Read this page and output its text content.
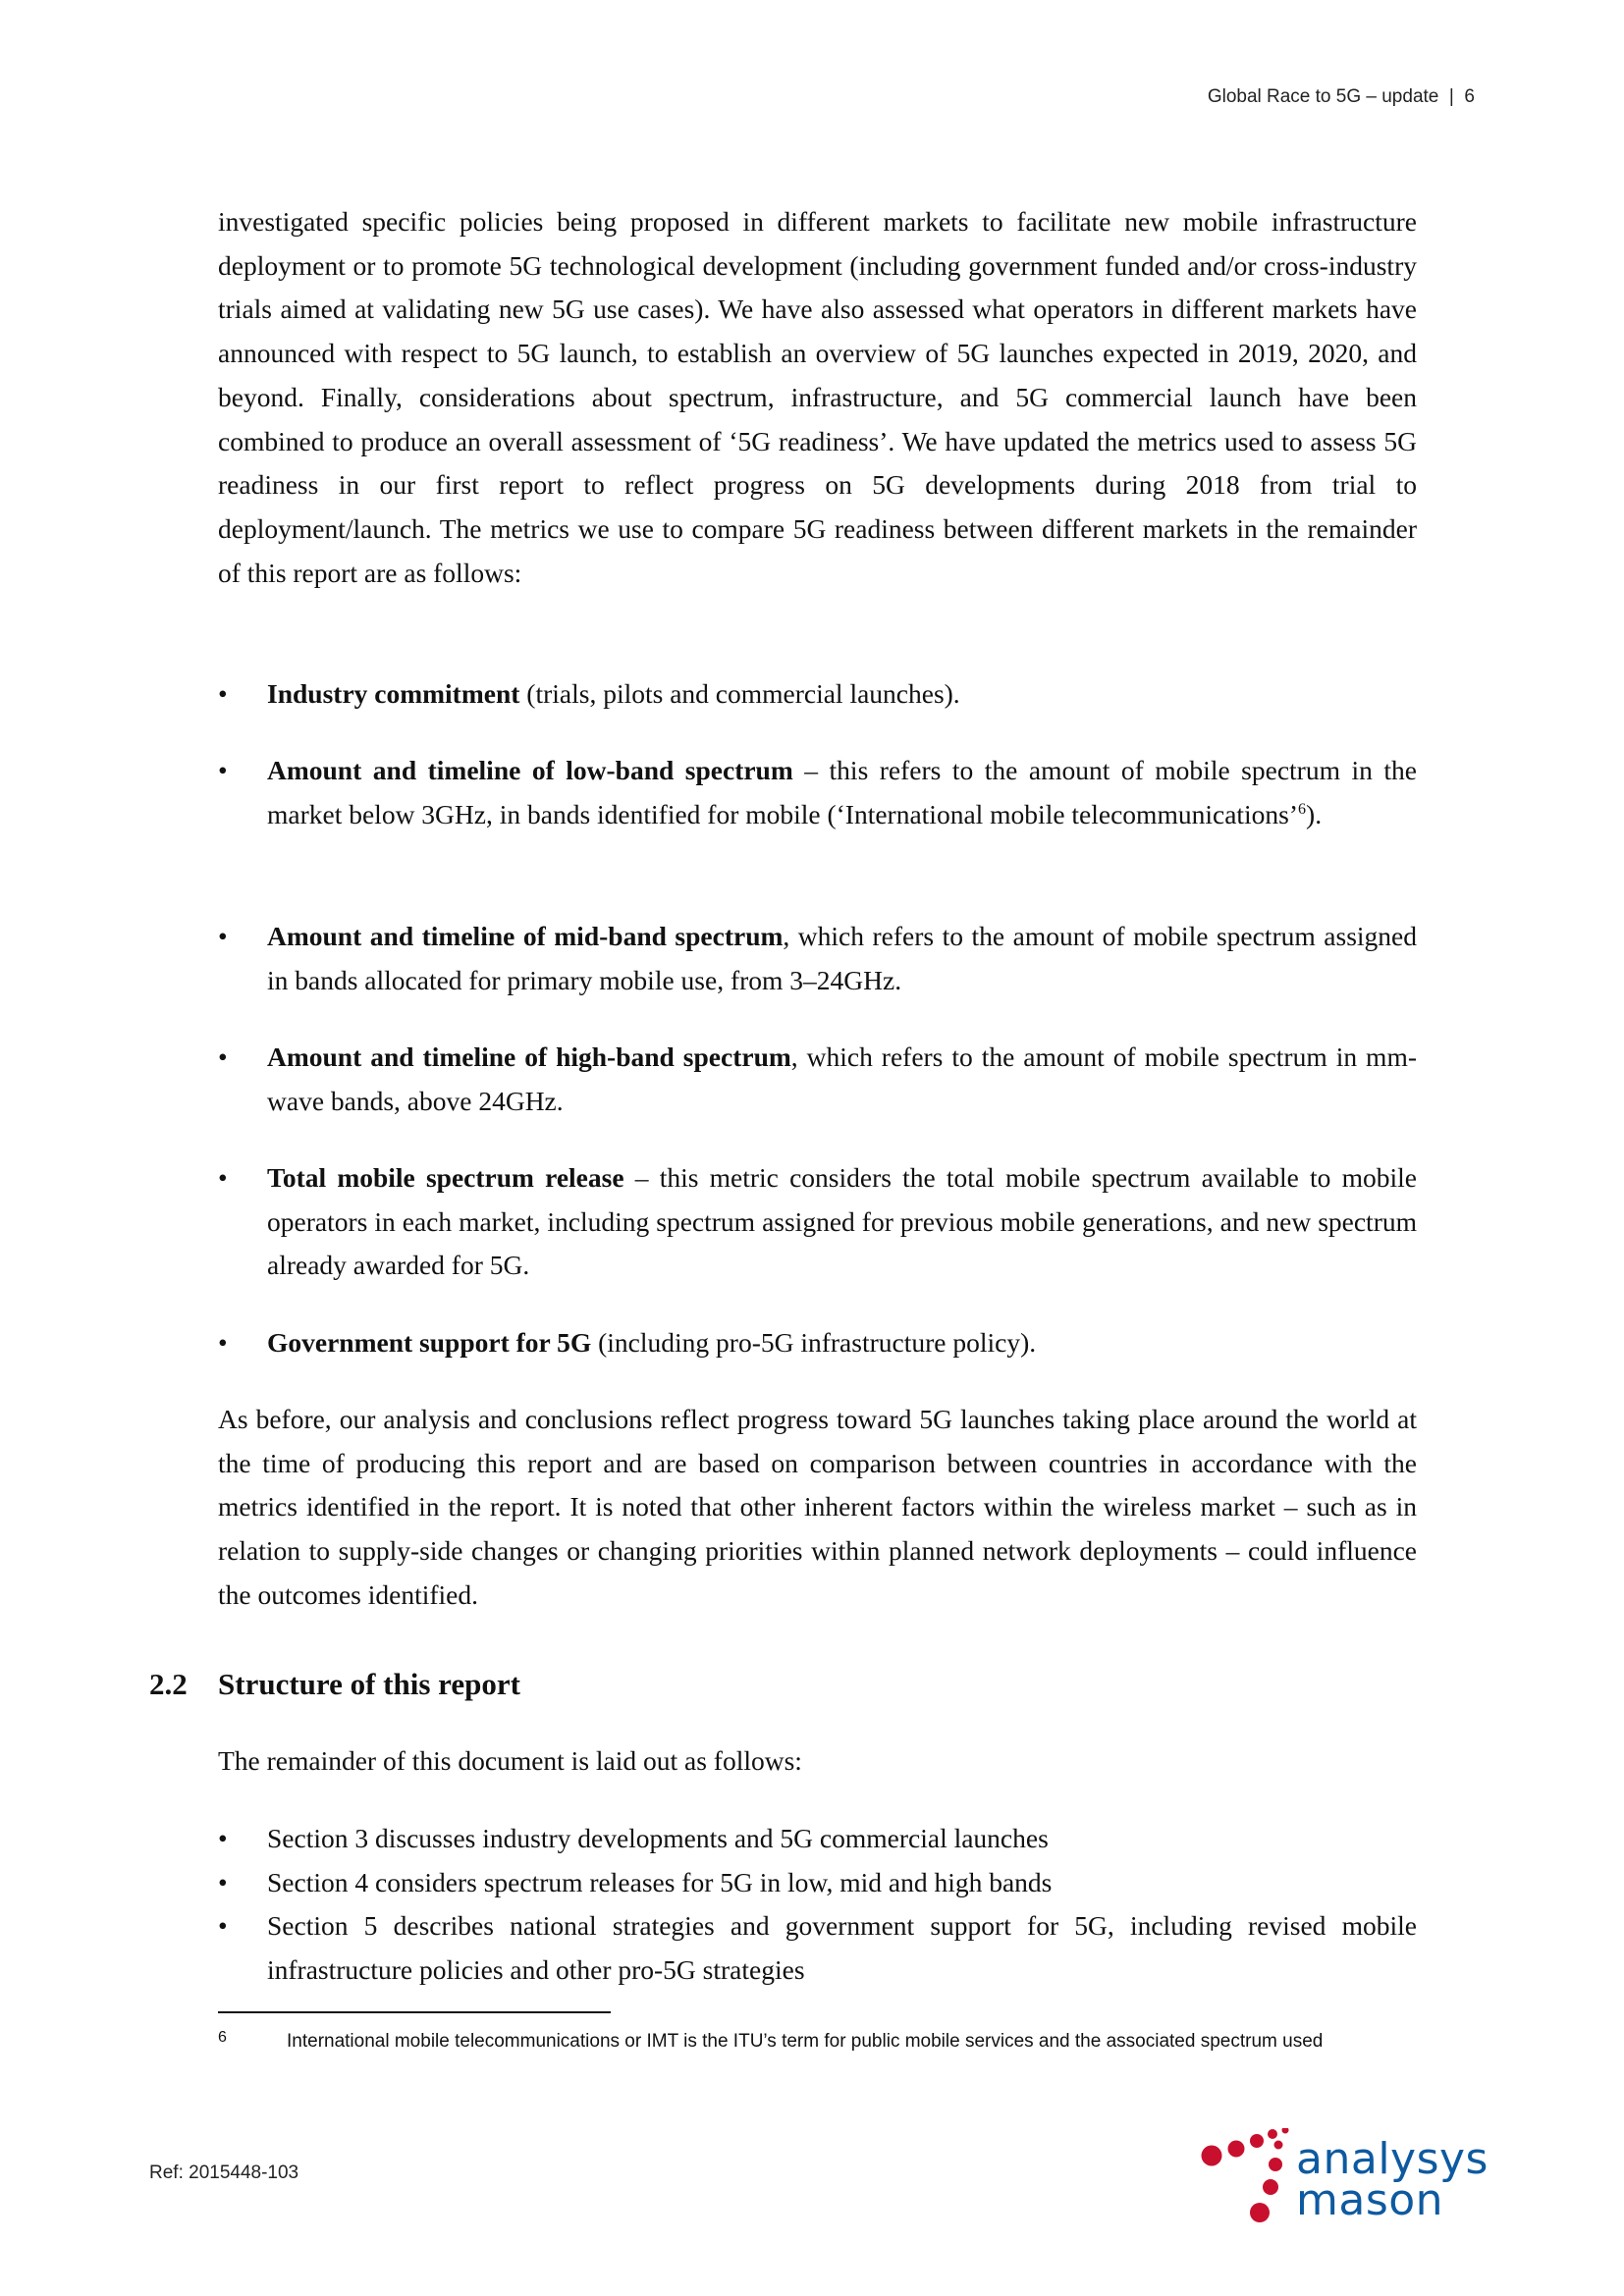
Global Race to 5G – update | 6

investigated specific policies being proposed in different markets to facilitate new mobile infrastructure deployment or to promote 5G technological development (including government funded and/or cross-industry trials aimed at validating new 5G use cases). We have also assessed what operators in different markets have announced with respect to 5G launch, to establish an overview of 5G launches expected in 2019, 2020, and beyond. Finally, considerations about spectrum, infrastructure, and 5G commercial launch have been combined to produce an overall assessment of ‘5G readiness’. We have updated the metrics used to assess 5G readiness in our first report to reflect progress on 5G developments during 2018 from trial to deployment/launch. The metrics we use to compare 5G readiness between different markets in the remainder of this report are as follows:

•	Industry commitment (trials, pilots and commercial launches).
•	Amount and timeline of low-band spectrum – this refers to the amount of mobile spectrum in the market below 3GHz, in bands identified for mobile (‘International mobile telecommunications’$^6$).
•	Amount and timeline of mid-band spectrum, which refers to the amount of mobile spectrum assigned in bands allocated for primary mobile use, from 3–24GHz.
•	Amount and timeline of high-band spectrum, which refers to the amount of mobile spectrum in mm-wave bands, above 24GHz.
•	Total mobile spectrum release – this metric considers the total mobile spectrum available to mobile operators in each market, including spectrum assigned for previous mobile generations, and new spectrum already awarded for 5G.
•	Government support for 5G (including pro-5G infrastructure policy).

As before, our analysis and conclusions reflect progress toward 5G launches taking place around the world at the time of producing this report and are based on comparison between countries in accordance with the metrics identified in the report. It is noted that other inherent factors within the wireless market – such as in relation to supply-side changes or changing priorities within planned network deployments – could influence the outcomes identified.

2.2 Structure of this report

The remainder of this document is laid out as follows:

•	Section 3 discusses industry developments and 5G commercial launches
•	Section 4 considers spectrum releases for 5G in low, mid and high bands
•	Section 5 describes national strategies and government support for 5G, including revised mobile infrastructure policies and other pro-5G strategies
6	International mobile telecommunications or IMT is the ITU’s term for public mobile services and the associated spectrum used
Ref: 2015448-103	analysys
mason
